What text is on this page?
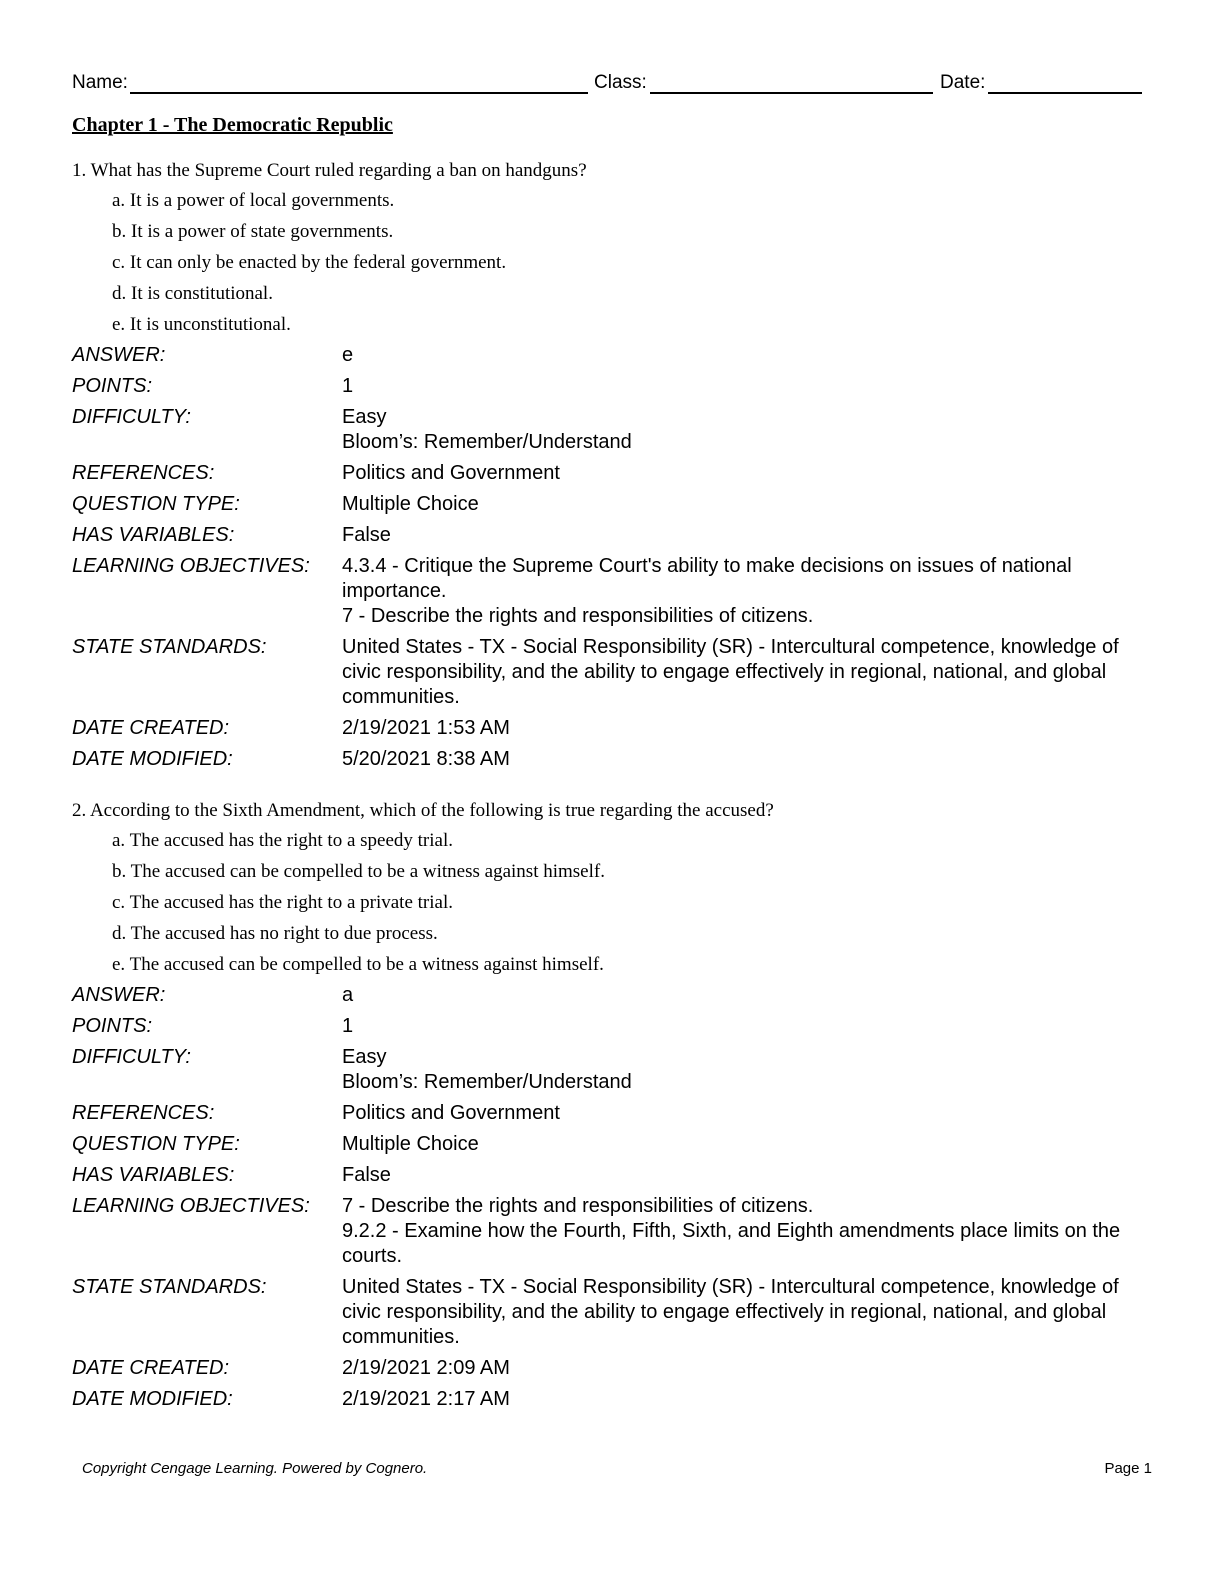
Name:	Class:	Date:
Chapter 1 - The Democratic Republic
1. What has the Supreme Court ruled regarding a ban on handguns?
a. It is a power of local governments.
b. It is a power of state governments.
c. It can only be enacted by the federal government.
d. It is constitutional.
e. It is unconstitutional.
ANSWER:	e
POINTS:	1
DIFFICULTY:	Easy
Bloom’s: Remember/Understand
REFERENCES:	Politics and Government
QUESTION TYPE:	Multiple Choice
HAS VARIABLES:	False
LEARNING OBJECTIVES:	4.3.4 - Critique the Supreme Court's ability to make decisions on issues of national importance.
7 - Describe the rights and responsibilities of citizens.
STATE STANDARDS:	United States - TX - Social Responsibility (SR) - Intercultural competence, knowledge of civic responsibility, and the ability to engage effectively in regional, national, and global communities.
DATE CREATED:	2/19/2021 1:53 AM
DATE MODIFIED:	5/20/2021 8:38 AM
2. According to the Sixth Amendment, which of the following is true regarding the accused?
a. The accused has the right to a speedy trial.
b. The accused can be compelled to be a witness against himself.
c. The accused has the right to a private trial.
d. The accused has no right to due process.
e. The accused can be compelled to be a witness against himself.
ANSWER:	a
POINTS:	1
DIFFICULTY:	Easy
Bloom’s: Remember/Understand
REFERENCES:	Politics and Government
QUESTION TYPE:	Multiple Choice
HAS VARIABLES:	False
LEARNING OBJECTIVES:	7 - Describe the rights and responsibilities of citizens.
9.2.2 - Examine how the Fourth, Fifth, Sixth, and Eighth amendments place limits on the courts.
STATE STANDARDS:	United States - TX - Social Responsibility (SR) - Intercultural competence, knowledge of civic responsibility, and the ability to engage effectively in regional, national, and global communities.
DATE CREATED:	2/19/2021 2:09 AM
DATE MODIFIED:	2/19/2021 2:17 AM
Copyright Cengage Learning. Powered by Cognero.	Page 1
